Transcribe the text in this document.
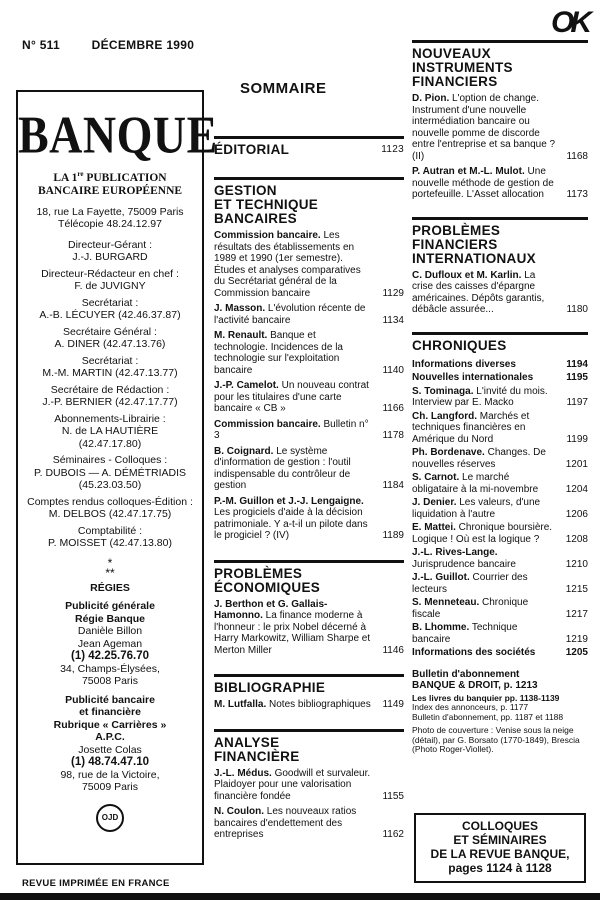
N° 511	DÉCEMBRE 1990
OK
SOMMAIRE
BANQUE
LA 1re PUBLICATION
BANCAIRE EUROPÉENNE
18, rue La Fayette, 75009 Paris
Télécopie 48.24.12.97
Directeur-Gérant :
J.-J. BURGARD
Directeur-Rédacteur en chef :
F. de JUVIGNY
Secrétariat :
A.-B. LÉCUYER (42.46.37.87)
Secrétaire Général :
A. DINER (42.47.13.76)
Secrétariat :
M.-M. MARTIN (42.47.13.77)
Secrétaire de Rédaction :
J.-P. BERNIER (42.47.17.77)
Abonnements-Librairie :
N. de LA HAUTIÈRE
(42.47.17.80)
Séminaires - Colloques :
P. DUBOIS — A. DÉMÉTRIADIS
(45.23.03.50)
Comptes rendus colloques-Édition :
M. DELBOS (42.47.17.75)
Comptabilité :
P. MOISSET (42.47.13.80)
*
**
RÉGIES
Publicité générale
Régie Banque
Danièle Billon
Jean Ageman
(1) 42.25.76.70
34, Champs-Élysées,
75008 Paris
Publicité bancaire
et financière
Rubrique « Carrières »
A.P.C.
Josette Colas
(1) 48.74.47.10
98, rue de la Victoire,
75009 Paris
OJD
REVUE IMPRIMÉE EN FRANCE
ÉDITORIAL	1123
GESTION
ET TECHNIQUE
BANCAIRES
Commission bancaire. Les résultats des établissements en 1989 et 1990 (1er semestre). Études et analyses comparatives du Secrétariat général de la Commission bancaire	1129
J. Masson. L'évolution récente de l'activité bancaire	1134
M. Renault. Banque et technologie. Incidences de la technologie sur l'exploitation bancaire	1140
J.-P. Camelot. Un nouveau contrat pour les titulaires d'une carte bancaire « CB »	1166
Commission bancaire. Bulletin n° 3	1178
B. Coignard. Le système d'information de gestion : l'outil indispensable du contrôleur de gestion	1184
P.-M. Guillon et J.-J. Lengaigne. Les progiciels d'aide à la décision patrimoniale. Y a-t-il un pilote dans le progiciel ? (IV)	1189
PROBLÈMES
ÉCONOMIQUES
J. Berthon et G. Gallais-Hamonno. La finance moderne à l'honneur : le prix Nobel décerné à Harry Markowitz, William Sharpe et Merton Miller	1146
BIBLIOGRAPHIE
M. Lutfalla. Notes bibliographiques 1149
ANALYSE
FINANCIÈRE
J.-L. Médus. Goodwill et survaleur. Plaidoyer pour une valorisation financière fondée	1155
N. Coulon. Les nouveaux ratios bancaires d'endettement des entreprises	1162
NOUVEAUX
INSTRUMENTS
FINANCIERS
D. Pion. L'option de change. Instrument d'une nouvelle intermédiation bancaire ou nouvelle pomme de discorde entre l'entreprise et sa banque ? (II)	1168
P. Autran et M.-L. Mulot. Une nouvelle méthode de gestion de portefeuille. L'Asset allocation 1173
PROBLÈMES
FINANCIERS
INTERNATIONAUX
C. Dufloux et M. Karlin. La crise des caisses d'épargne américaines. Dépôts garantis, débâcle assurée...	1180
CHRONIQUES
Informations diverses	1194
Nouvelles internationales	1195
S. Tominaga. L'invité du mois. Interview par E. Macko	1197
Ch. Langford. Marchés et techniques financières en Amérique du Nord	1199
Ph. Bordenave. Changes. De nouvelles réserves	1201
S. Carnot. Le marché obligataire à la mi-novembre	1204
J. Denier. Les valeurs, d'une liquidation à l'autre	1206
E. Mattei. Chronique boursière. Logique ! Où est la logique ?	1208
J.-L. Rives-Lange. Jurisprudence bancaire	1210
J.-L. Guillot. Courrier des lecteurs	1215
S. Menneteau. Chronique fiscale	1217
B. Lhomme. Technique bancaire	1219
Informations des sociétés	1205
Bulletin d'abonnement
BANQUE & DROIT, p. 1213
Les livres du banquier pp. 1138-1139
Index des annonceurs, p. 1177
Bulletin d'abonnement, pp. 1187 et 1188
Photo de couverture : Venise sous la neige (détail), par G. Borsato (1770-1849), Brescia (Photo Roger-Viollet).
COLLOQUES
ET SÉMINAIRES
DE LA REVUE BANQUE,
pages 1124 à 1128
